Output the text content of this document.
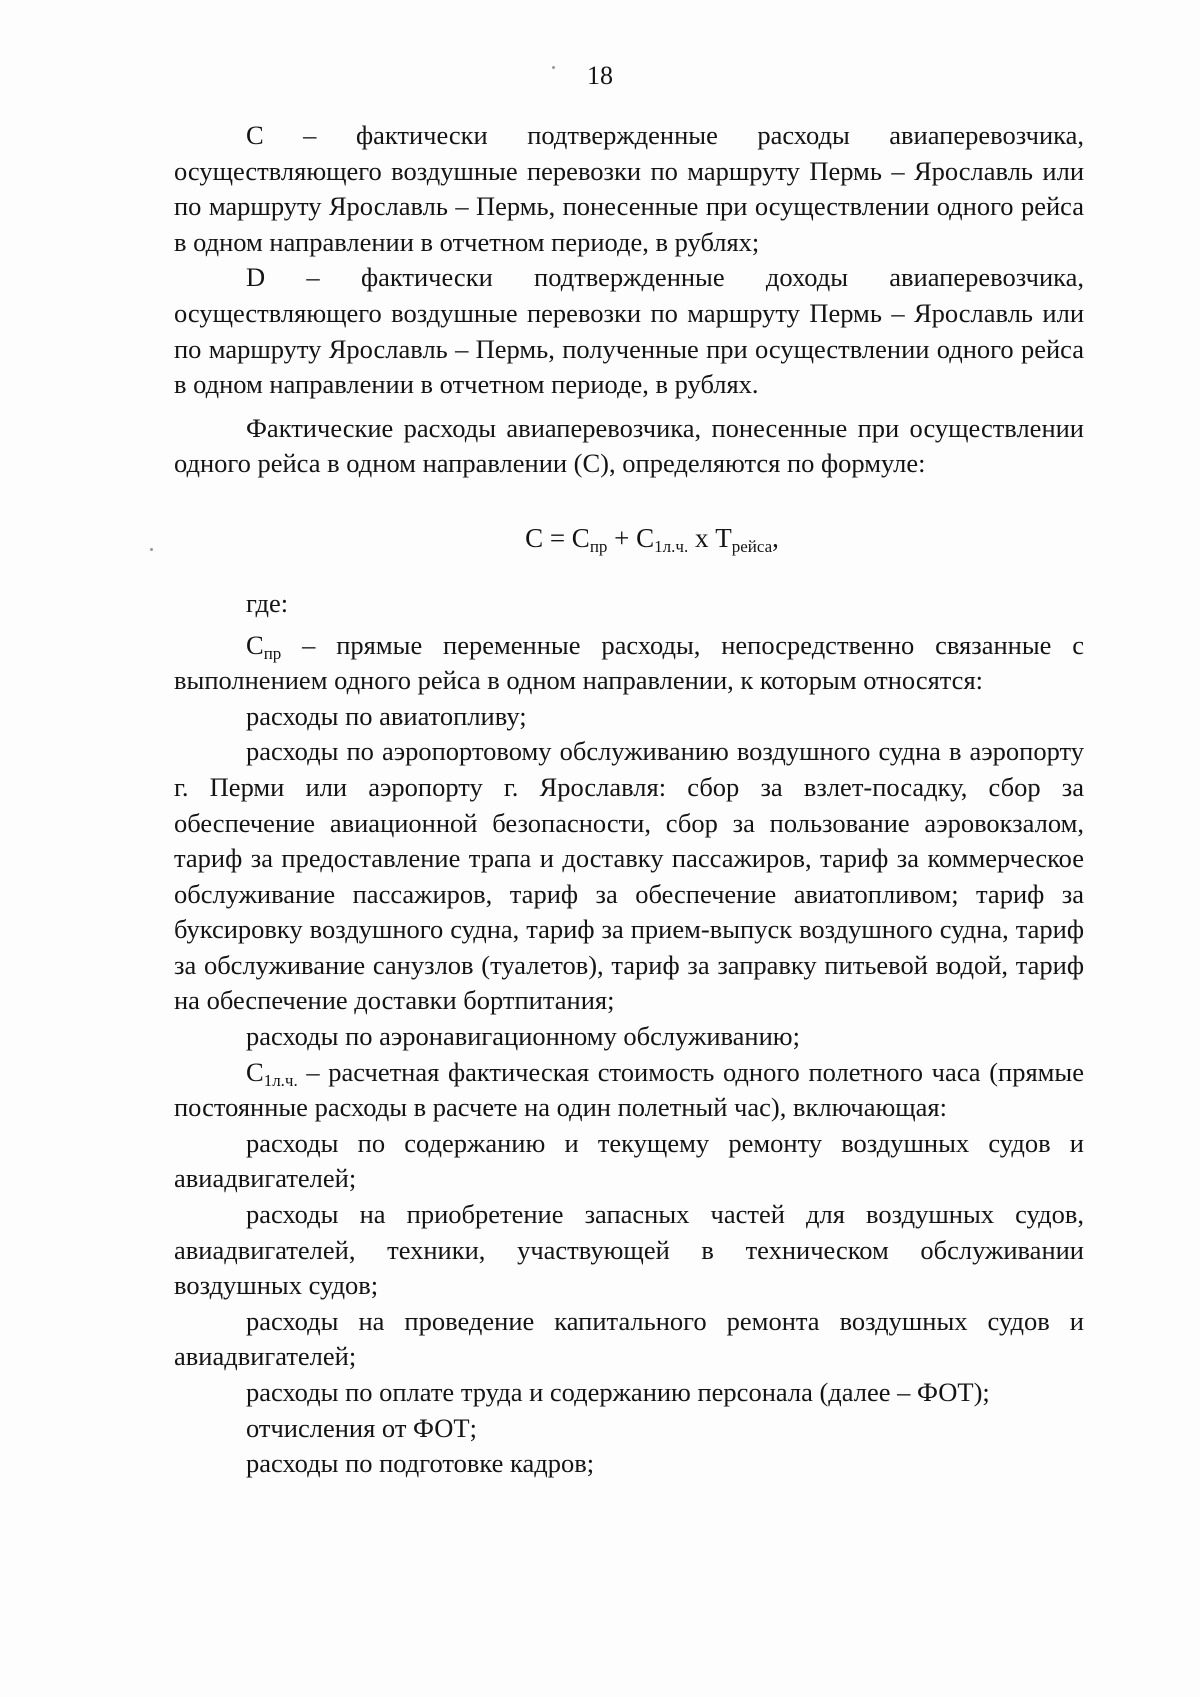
18

C – фактически подтвержденные расходы авиаперевозчика, осуществляющего воздушные перевозки по маршруту Пермь – Ярославль или по маршруту Ярославль – Пермь, понесенные при осуществлении одного рейса в одном направлении в отчетном периоде, в рублях;

D – фактически подтвержденные доходы авиаперевозчика, осуществляющего воздушные перевозки по маршруту Пермь – Ярославль или по маршруту Ярославль – Пермь, полученные при осуществлении одного рейса в одном направлении в отчетном периоде, в рублях.

Фактические расходы авиаперевозчика, понесенные при осуществлении одного рейса в одном направлении (С), определяются по формуле:

$С = С_{пр} + С_{1л.ч.}$ х $Т_{рейса}$,

где:

$С_{пр}$ – прямые переменные расходы, непосредственно связанные с выполнением одного рейса в одном направлении, к которым относятся:

расходы по авиатопливу;

расходы по аэропортовому обслуживанию воздушного судна в аэропорту г. Перми или аэропорту г. Ярославля: сбор за взлет-посадку, сбор за обеспечение авиационной безопасности, сбор за пользование аэровокзалом, тариф за предоставление трапа и доставку пассажиров, тариф за коммерческое обслуживание пассажиров, тариф за обеспечение авиатопливом; тариф за буксировку воздушного судна, тариф за прием-выпуск воздушного судна, тариф за обслуживание санузлов (туалетов), тариф за заправку питьевой водой, тариф на обеспечение доставки бортпитания;

расходы по аэронавигационному обслуживанию;

$С_{1л.ч.}$ – расчетная фактическая стоимость одного полетного часа (прямые постоянные расходы в расчете на один полетный час), включающая:

расходы по содержанию и текущему ремонту воздушных судов и авиадвигателей;

расходы на приобретение запасных частей для воздушных судов, авиадвигателей, техники, участвующей в техническом обслуживании воздушных судов;

расходы на проведение капитального ремонта воздушных судов и авиадвигателей;

расходы по оплате труда и содержанию персонала (далее – ФОТ);

отчисления от ФОТ;

расходы по подготовке кадров;
